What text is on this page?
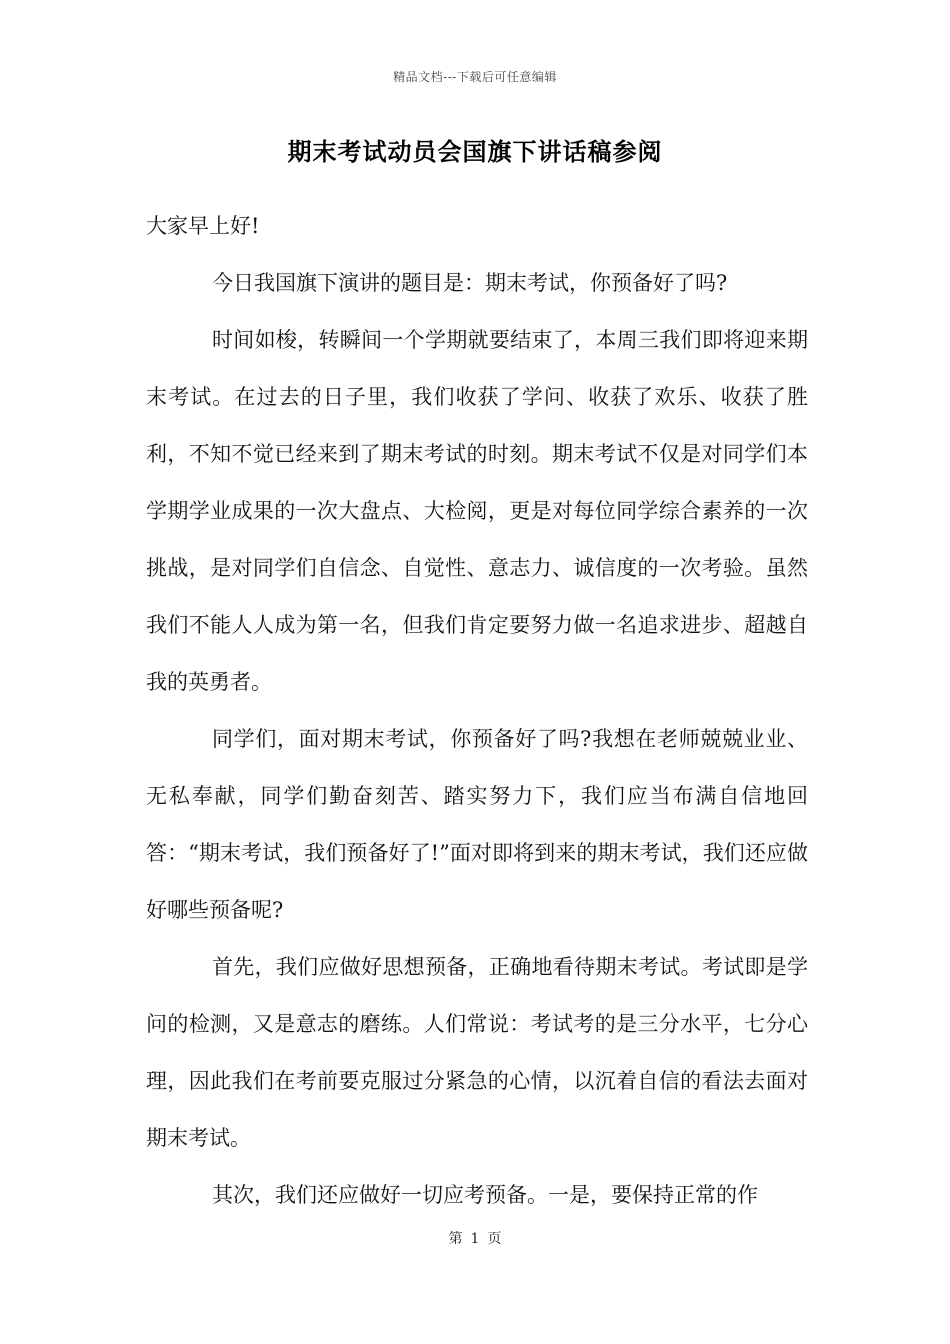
精品文档---下载后可任意编辑
期末考试动员会国旗下讲话稿参阅

大家早上好!

今日我国旗下演讲的题目是：期末考试，你预备好了吗?

时间如梭，转瞬间一个学期就要结束了，本周三我们即将迎来期末考试。在过去的日子里，我们收获了学问、收获了欢乐、收获了胜利，不知不觉已经来到了期末考试的时刻。期末考试不仅是对同学们本学期学业成果的一次大盘点、大检阅，更是对每位同学综合素养的一次挑战，是对同学们自信念、自觉性、意志力、诚信度的一次考验。虽然我们不能人人成为第一名，但我们肯定要努力做一名追求进步、超越自我的英勇者。

同学们，面对期末考试，你预备好了吗?我想在老师兢兢业业、无私奉献，同学们勤奋刻苦、踏实努力下，我们应当布满自信地回答：“期末考试，我们预备好了!”面对即将到来的期末考试，我们还应做好哪些预备呢?

首先，我们应做好思想预备，正确地看待期末考试。考试即是学问的检测，又是意志的磨练。人们常说：考试考的是三分水平，七分心理，因此我们在考前要克服过分紧急的心情，以沉着自信的看法去面对期末考试。

其次，我们还应做好一切应考预备。一是，要保持正常的作

第 1 页
